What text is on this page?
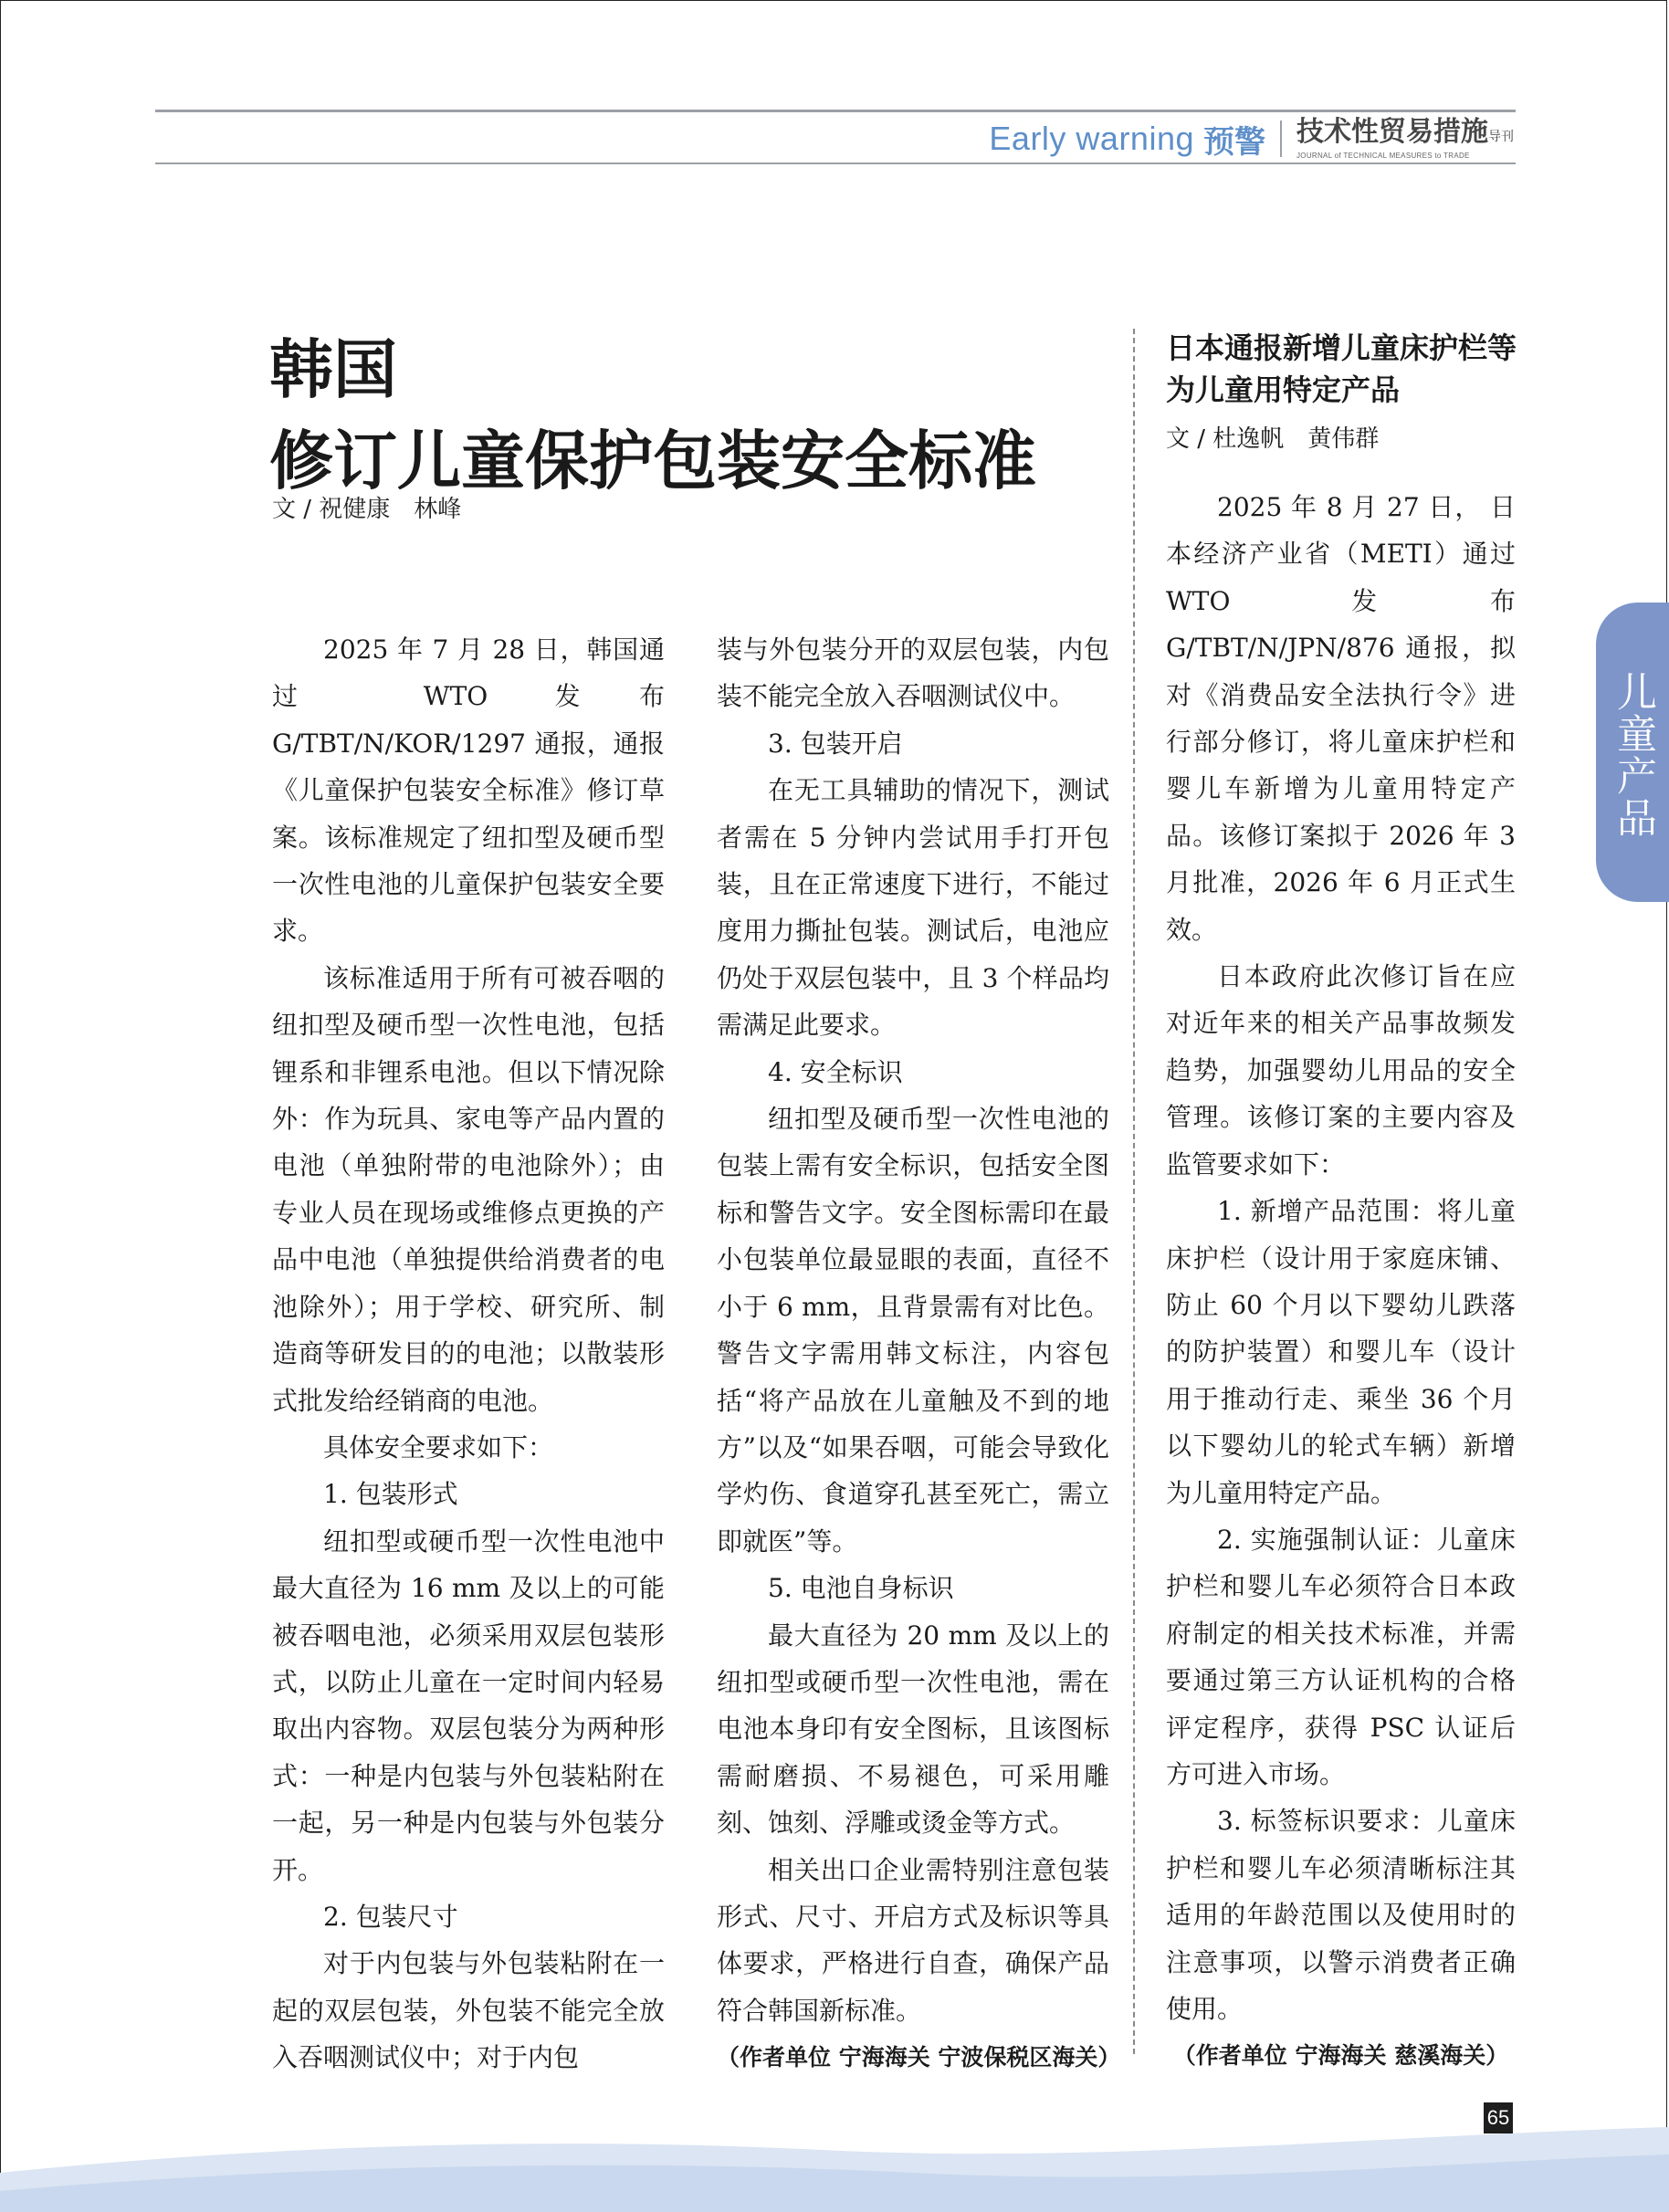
Early warning 预警 技术性贸易措施导刊
JOURNAL of TECHNICAL MEASURES to TRADE
韩国
修订儿童保护包装安全标准
文 / 祝健康　林峰

2025 年 7 月 28 日，韩国通过 WTO 发布 G/TBT/N/KOR/1297 通报，通报《儿童保护包装安全标准》修订草案。该标准规定了纽扣型及硬币型一次性电池的儿童保护包装安全要求。

该标准适用于所有可被吞咽的纽扣型及硬币型一次性电池，包括锂系和非锂系电池。但以下情况除外：作为玩具、家电等产品内置的电池（单独附带的电池除外）；由专业人员在现场或维修点更换的产品中电池（单独提供给消费者的电池除外）；用于学校、研究所、制造商等研发目的的电池；以散装形式批发给经销商的电池。

具体安全要求如下：

1. 包装形式

纽扣型或硬币型一次性电池中最大直径为 16 mm 及以上的可能被吞咽电池，必须采用双层包装形式，以防止儿童在一定时间内轻易取出内容物。双层包装分为两种形式：一种是内包装与外包装粘附在一起，另一种是内包装与外包装分开。

2. 包装尺寸

对于内包装与外包装粘附在一起的双层包装，外包装不能完全放入吞咽测试仪中；对于内包

装与外包装分开的双层包装，内包装不能完全放入吞咽测试仪中。

3. 包装开启

在无工具辅助的情况下，测试者需在 5 分钟内尝试用手打开包装，且在正常速度下进行，不能过度用力撕扯包装。测试后，电池应仍处于双层包装中，且 3 个样品均需满足此要求。

4. 安全标识

纽扣型及硬币型一次性电池的包装上需有安全标识，包括安全图标和警告文字。安全图标需印在最小包装单位最显眼的表面，直径不小于 6 mm，且背景需有对比色。警告文字需用韩文标注，内容包括“将产品放在儿童触及不到的地方”以及“如果吞咽，可能会导致化学灼伤、食道穿孔甚至死亡，需立即就医”等。

5. 电池自身标识

最大直径为 20 mm 及以上的纽扣型或硬币型一次性电池，需在电池本身印有安全图标，且该图标需耐磨损、不易褪色，可采用雕刻、蚀刻、浮雕或烫金等方式。

相关出口企业需特别注意包装形式、尺寸、开启方式及标识等具体要求，严格进行自查，确保产品符合韩国新标准。

（作者单位 宁海海关 宁波保税区海关）

日本通报新增儿童床护栏等
为儿童用特定产品
文 / 杜逸帆　黄伟群

2025 年 8 月 27 日， 日本经济产业省（METI）通过 WTO 发布 G/TBT/N/JPN/876 通报，拟对《消费品安全法执行令》进行部分修订，将儿童床护栏和婴儿车新增为儿童用特定产品。该修订案拟于 2026 年 3 月批准，2026 年 6 月正式生效。

日本政府此次修订旨在应对近年来的相关产品事故频发趋势，加强婴幼儿用品的安全管理。该修订案的主要内容及监管要求如下：

1. 新增产品范围：将儿童床护栏（设计用于家庭床铺、防止 60 个月以下婴幼儿跌落的防护装置）和婴儿车（设计用于推动行走、乘坐 36 个月以下婴幼儿的轮式车辆）新增为儿童用特定产品。

2. 实施强制认证：儿童床护栏和婴儿车必须符合日本政府制定的相关技术标准，并需要通过第三方认证机构的合格评定程序，获得 PSC 认证后方可进入市场。

3. 标签标识要求：儿童床护栏和婴儿车必须清晰标注其适用的年龄范围以及使用时的注意事项，以警示消费者正确使用。

（作者单位 宁海海关 慈溪海关）

儿童产品
65
